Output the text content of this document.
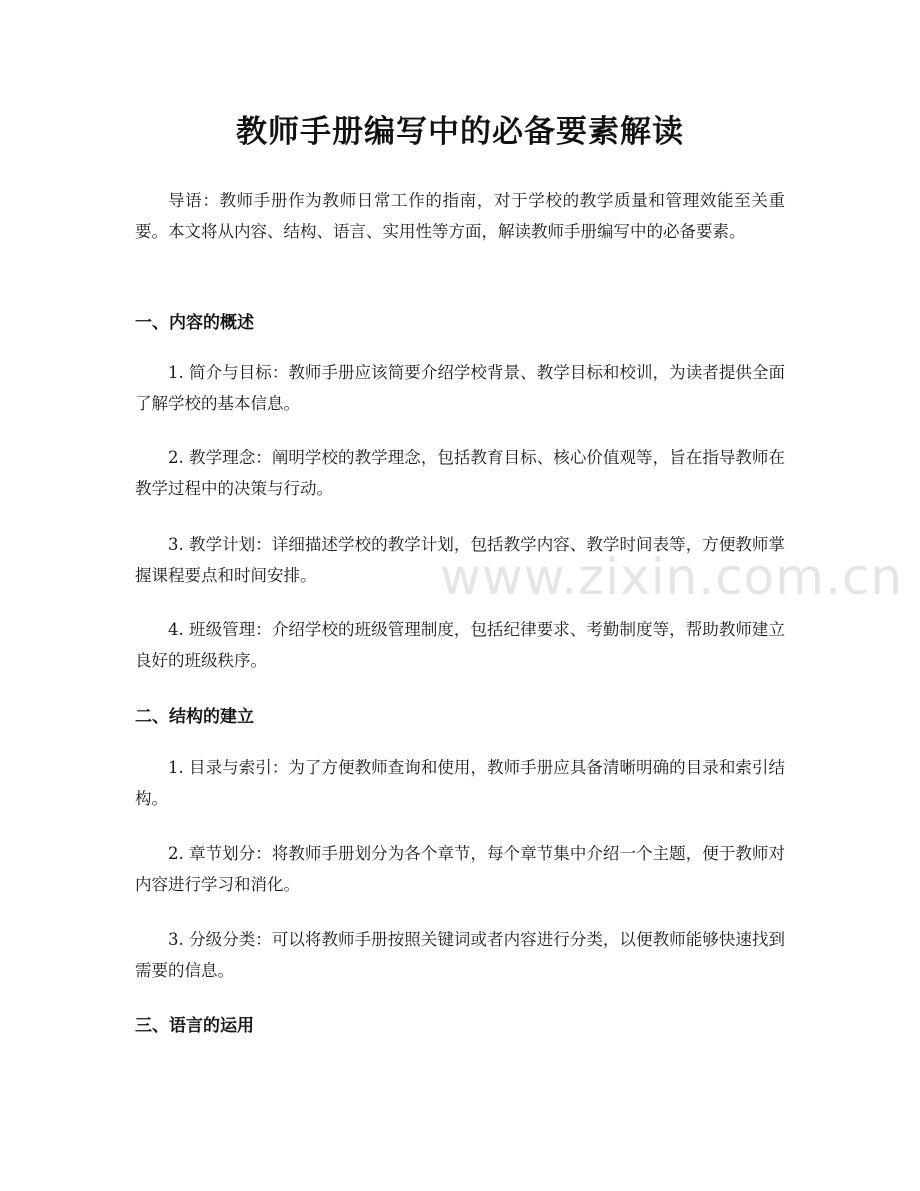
教师手册编写中的必备要素解读
导语：教师手册作为教师日常工作的指南，对于学校的教学质量和管理效能至关重要。本文将从内容、结构、语言、实用性等方面，解读教师手册编写中的必备要素。
一、内容的概述
1. 简介与目标：教师手册应该简要介绍学校背景、教学目标和校训，为读者提供全面了解学校的基本信息。
2. 教学理念：阐明学校的教学理念，包括教育目标、核心价值观等，旨在指导教师在教学过程中的决策与行动。
3. 教学计划：详细描述学校的教学计划，包括教学内容、教学时间表等，方便教师掌握课程要点和时间安排。
4. 班级管理：介绍学校的班级管理制度，包括纪律要求、考勤制度等，帮助教师建立良好的班级秩序。
二、结构的建立
1. 目录与索引：为了方便教师查询和使用，教师手册应具备清晰明确的目录和索引结构。
2. 章节划分：将教师手册划分为各个章节，每个章节集中介绍一个主题，便于教师对内容进行学习和消化。
3. 分级分类：可以将教师手册按照关键词或者内容进行分类，以便教师能够快速找到需要的信息。
三、语言的运用
www.zixin.com.cn
